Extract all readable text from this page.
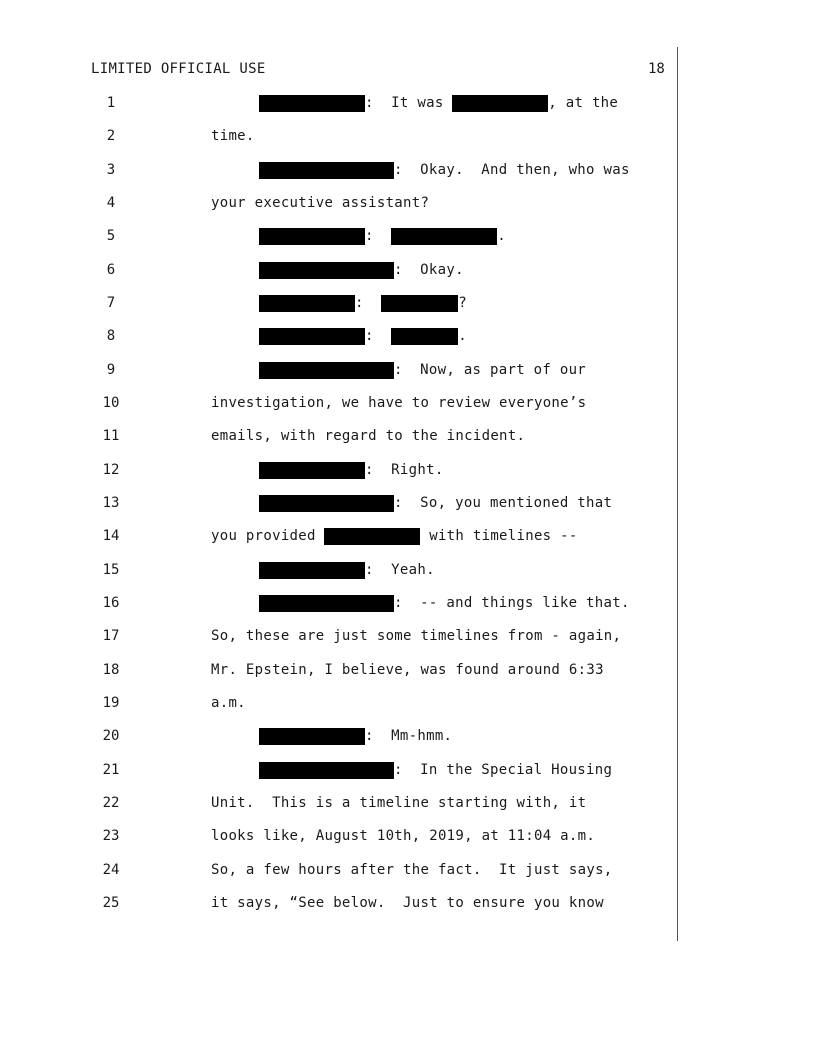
LIMITED OFFICIAL USE	18

1

	:  It was	, at the

2

	time.

3

	:  Okay.  And then, who was

4

	your executive assistant?

5

	:	.

6

	:  Okay.

7

	:	?

8

	:	.

9

	:  Now, as part of our

10

	investigation, we have to review everyone’s

11

	emails, with regard to the incident.

12

	:  Right.

13

	:  So, you mentioned that

14

	you provided	with timelines --

15

	:  Yeah.

16

	:  -- and things like that.

17

	So, these are just some timelines from - again,

18

	Mr. Epstein, I believe, was found around 6:33

19

	a.m.

20

	:  Mm-hmm.

21

	:  In the Special Housing

22

	Unit.  This is a timeline starting with, it

23

	looks like, August 10th, 2019, at 11:04 a.m.

24

	So, a few hours after the fact.  It just says,

25

	it says, “See below.  Just to ensure you know
